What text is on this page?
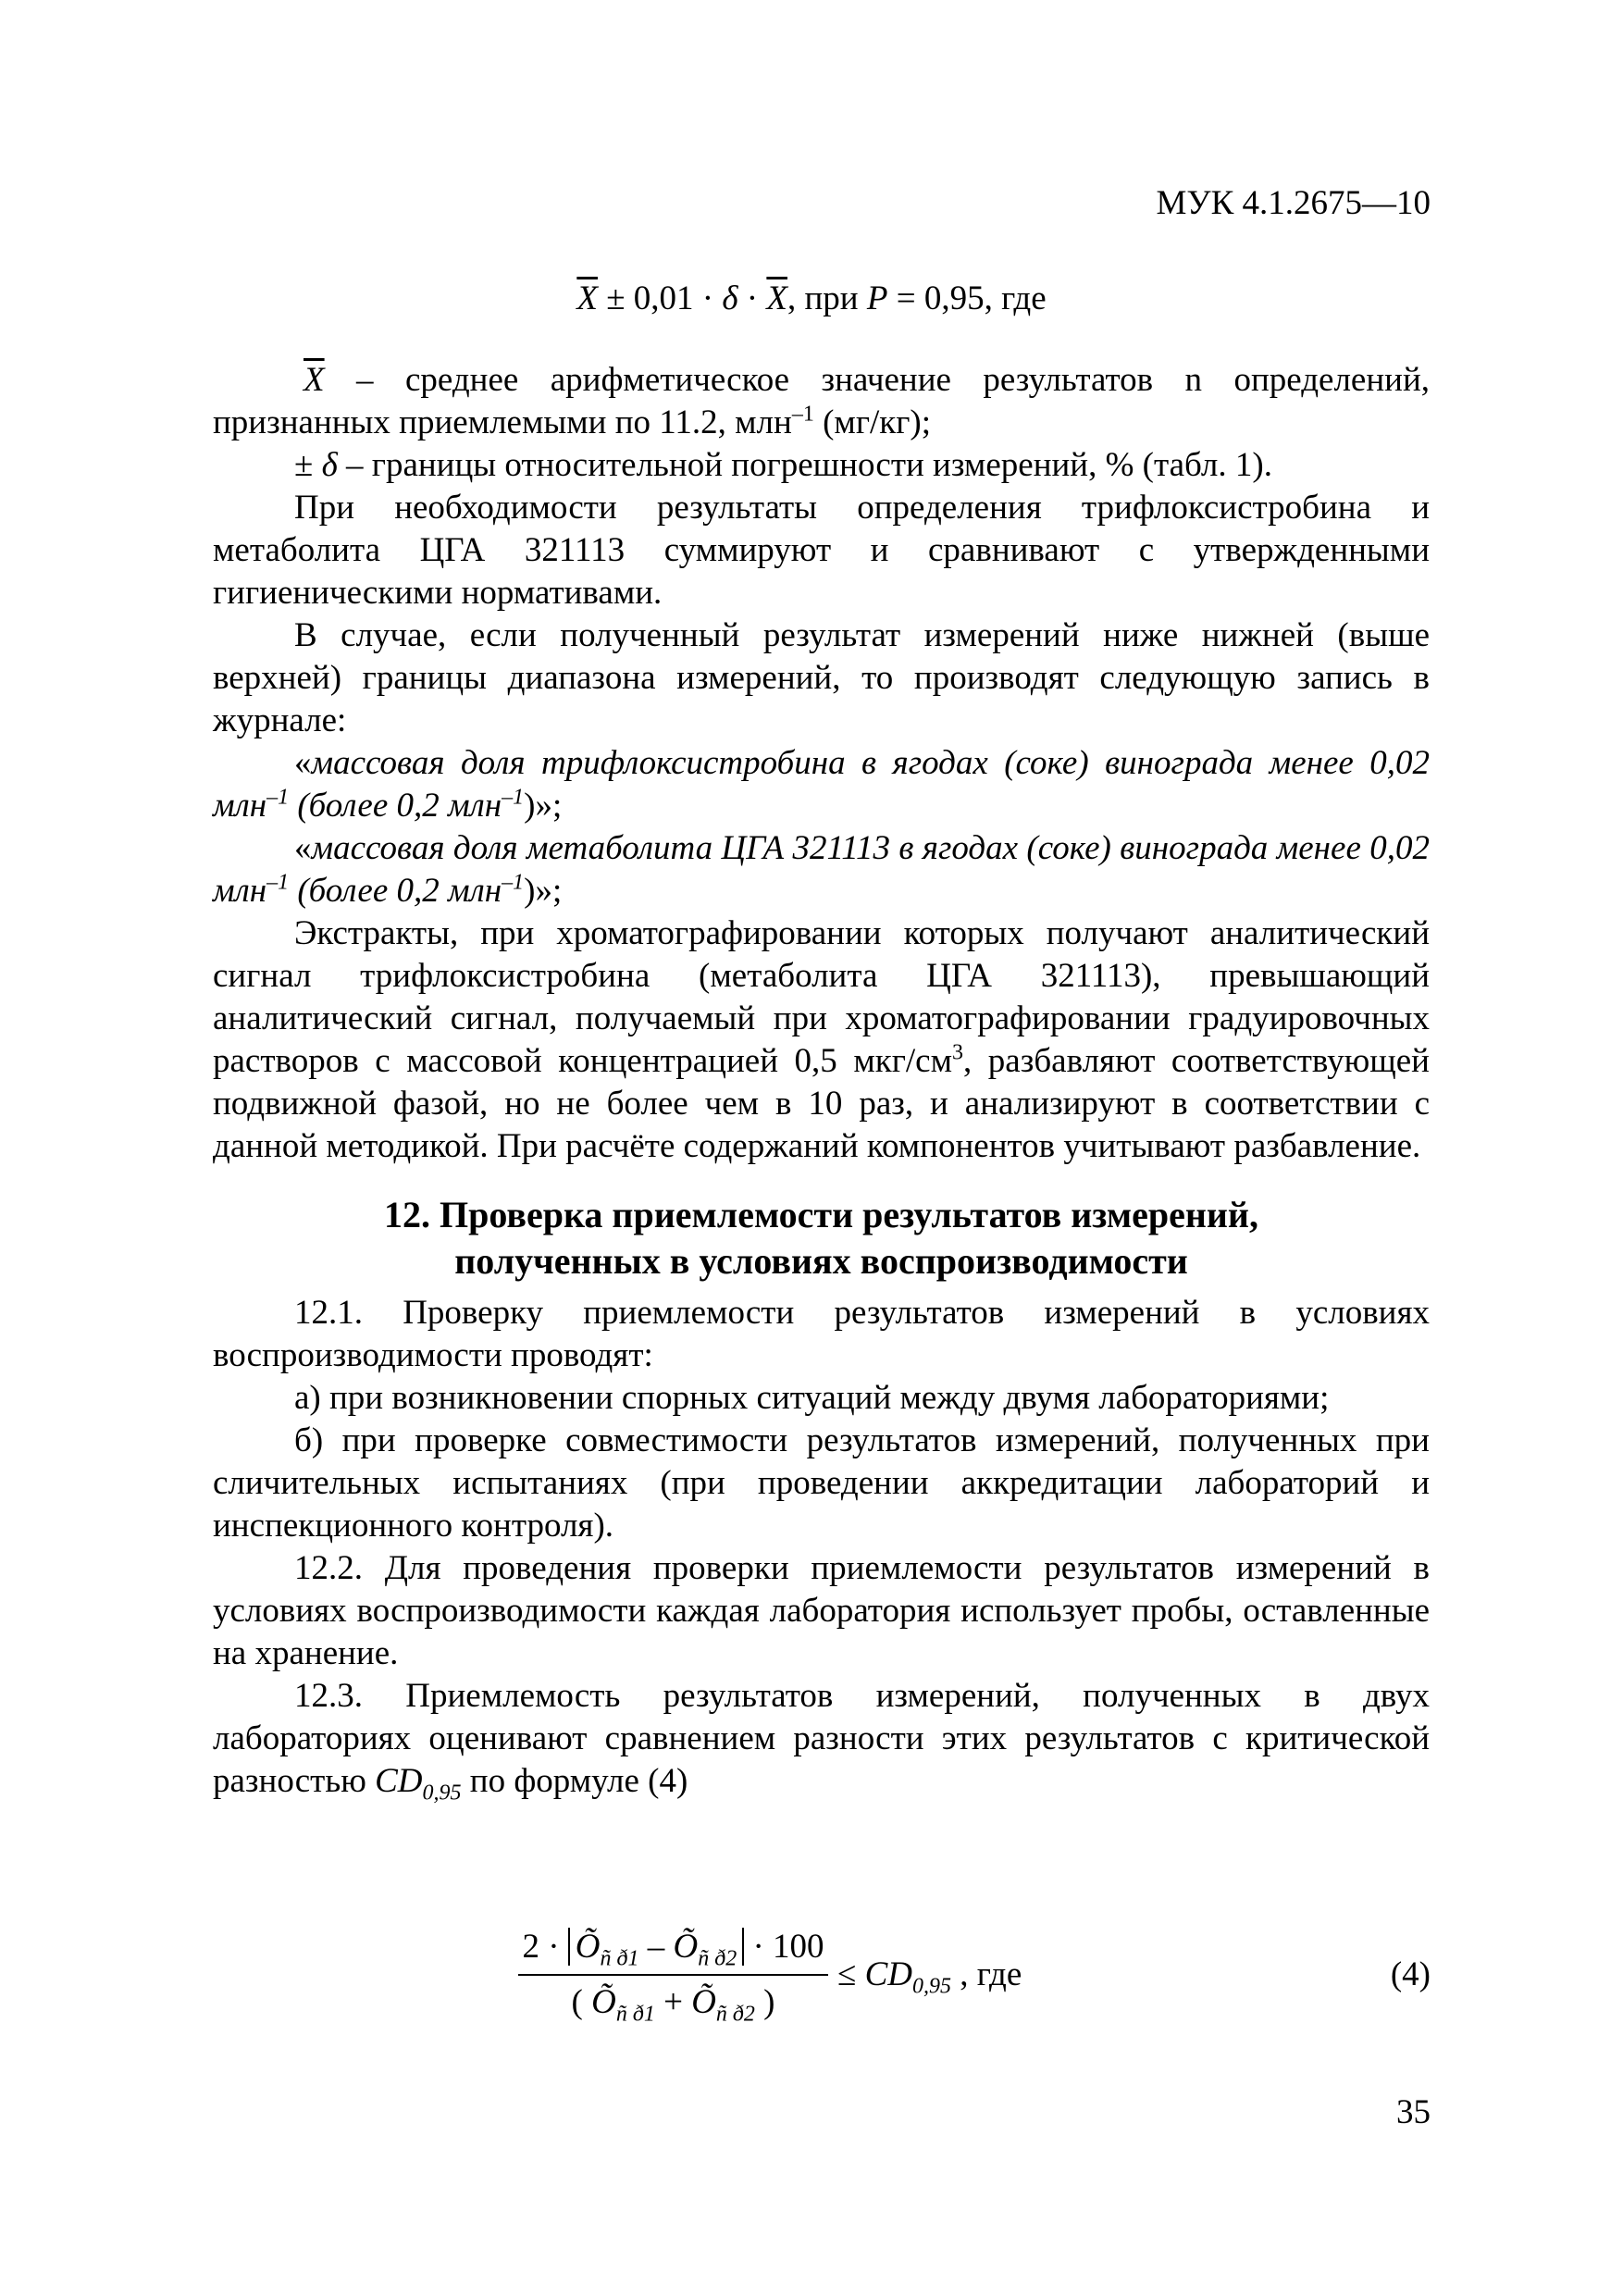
МУК 4.1.2675—10
$\overline{X} \pm 0,01 \cdot \delta \cdot \overline{X}$, при P = 0,95, где

$\overline{X}$ – среднее арифметическое значение результатов n определений, признанных приемлемыми по 11.2, млн$^{-1}$ (мг/кг);

± δ – границы относительной погрешности измерений, % (табл. 1).

При необходимости результаты определения трифлоксистробина и метаболита ЦГА 321113 суммируют и сравнивают с утвержденными гигиеническими нормативами.

В случае, если полученный результат измерений ниже нижней (выше верхней) границы диапазона измерений, то производят следующую запись в журнале:

«массовая доля трифлоксистробина в ягодах (соке) винограда менее 0,02 млн$^{-1}$ (более 0,2 млн$^{-1}$)»;

«массовая доля метаболита ЦГА 321113 в ягодах (соке) винограда менее 0,02 млн$^{-1}$ (более 0,2 млн$^{-1}$)»;

Экстракты, при хроматографировании которых получают аналитический сигнал трифлоксистробина (метаболита ЦГА 321113), превышающий аналитический сигнал, получаемый при хроматографировании градуировочных растворов с массовой концентрацией 0,5 мкг/$см^3$, разбавляют соответствующей подвижной фазой, но не более чем в 10 раз, и анализируют в соответствии с данной методикой. При расчёте содержаний компонентов учитывают разбавление.

12. Проверка приемлемости результатов измерений,
полученных в условиях воспроизводимости

12.1. Проверку приемлемости результатов измерений в условиях воспроизводимости проводят:

а) при возникновении спорных ситуаций между двумя лабораториями;

б) при проверке совместимости результатов измерений, полученных при сличительных испытаниях (при проведении аккредитации лабораторий и инспекционного контроля).

12.2. Для проведения проверки приемлемости результатов измерений в условиях воспроизводимости каждая лаборатория использует пробы, оставленные на хранение.

12.3. Приемлемость результатов измерений, полученных в двух лабораториях оценивают сравнением разности этих результатов с критической разностью $CD_{0,95}$ по формуле (4)

$\frac{2 \cdot Õ_{ñ ð1} - Õ_{ñ ð2} \cdot 100}{( Õ_{ñ ð1} + Õ_{ñ ð2} )} \le CD_{0,95}$ , где	(4)
35
